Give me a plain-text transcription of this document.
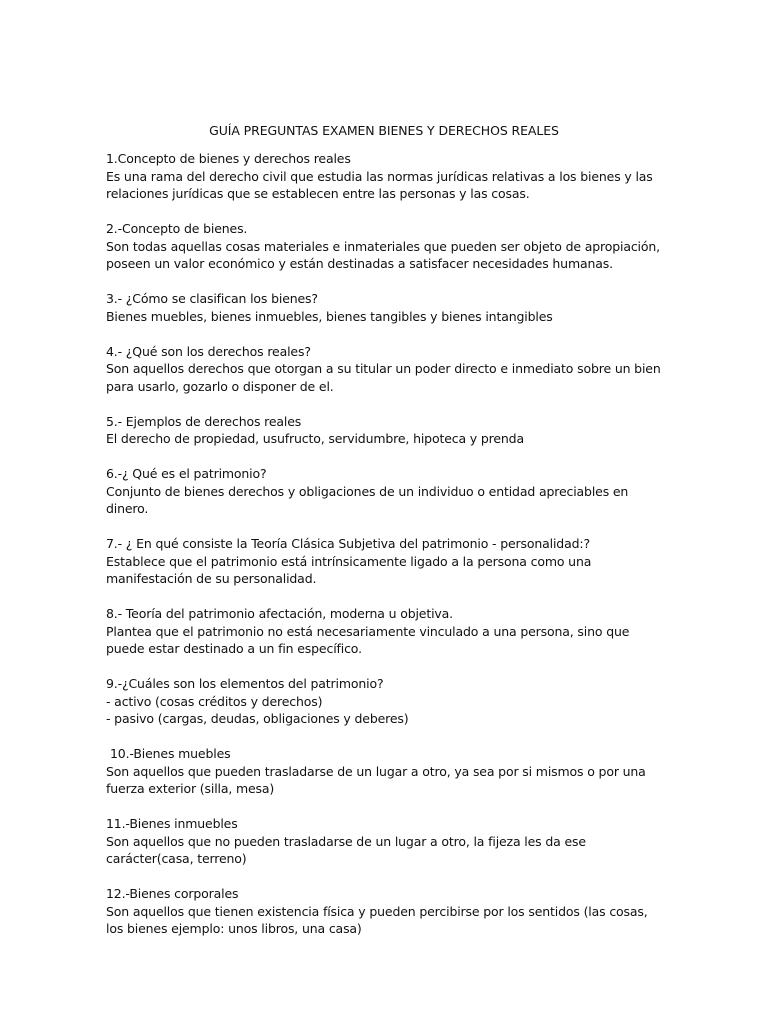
GUÍA PREGUNTAS EXAMEN BIENES Y DERECHOS REALES
1.Concepto de bienes y derechos reales
Es una rama del derecho civil que estudia las normas jurídicas relativas a los bienes y las relaciones jurídicas que se establecen entre las personas y las cosas.
2.-Concepto de bienes.
Son todas aquellas cosas materiales e inmateriales que pueden ser objeto de apropiación, poseen un valor económico y están destinadas a satisfacer necesidades humanas.
3.- ¿Cómo se clasifican los bienes?
Bienes muebles, bienes inmuebles, bienes tangibles y bienes intangibles
4.- ¿Qué son los derechos reales?
Son aquellos derechos que otorgan a su titular un poder directo e inmediato sobre un bien para usarlo, gozarlo o disponer de el.
5.- Ejemplos de derechos reales
El derecho de propiedad, usufructo, servidumbre, hipoteca y prenda
6.-¿ Qué es el patrimonio?
Conjunto de bienes derechos y obligaciones de un individuo o entidad apreciables en dinero.
7.- ¿ En qué consiste la Teoría Clásica Subjetiva del patrimonio - personalidad:?
Establece que el patrimonio está intrínsicamente ligado a la persona como una manifestación de su personalidad.
8.- Teoría del patrimonio afectación, moderna u objetiva.
Plantea que el patrimonio no está necesariamente vinculado a una persona, sino que puede estar destinado a un fin específico.
9.-¿Cuáles son los elementos del patrimonio?
- activo (cosas créditos y derechos)
- pasivo (cargas, deudas, obligaciones y deberes)
10.-Bienes muebles
Son aquellos que pueden trasladarse de un lugar a otro, ya sea por si mismos o por una fuerza exterior (silla, mesa)
11.-Bienes inmuebles
Son aquellos que no pueden trasladarse de un lugar a otro, la fijeza les da ese carácter(casa, terreno)
12.-Bienes corporales
Son aquellos que tienen existencia física y pueden percibirse por los sentidos (las cosas, los bienes ejemplo: unos libros, una casa)
